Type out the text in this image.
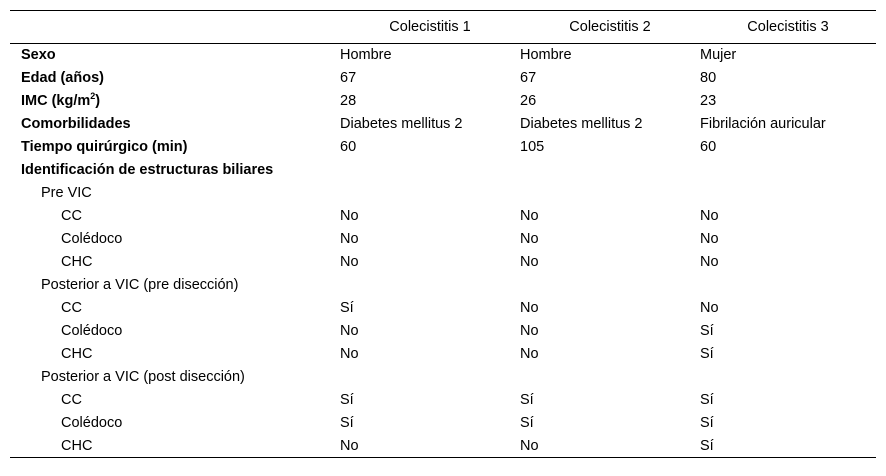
	Colecistitis 1	Colecistitis 2	Colecistitis 3
Sexo	Hombre	Hombre	Mujer
Edad (años)	67	67	80
IMC $(kg/m^2)$	28	26	23
Comorbilidades	Diabetes mellitus 2	Diabetes mellitus 2	Fibrilación auricular
Tiempo quirúrgico (min)	60	105	60
Identificación de estructuras biliares			
Pre VIC			
CC	No	No	No
Colédoco	No	No	No
CHC	No	No	No
Posterior a VIC (pre disección)			
CC	Sí	No	No
Colédoco	No	No	Sí
CHC	No	No	Sí
Posterior a VIC (post disección)			
CC	Sí	Sí	Sí
Colédoco	Sí	Sí	Sí
CHC	No	No	Sí
